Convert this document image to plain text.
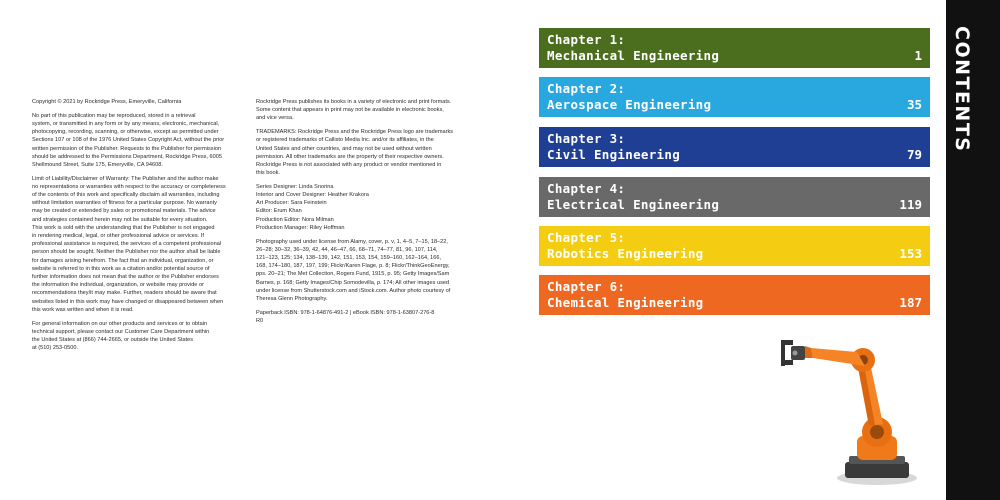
Copyright © 2021 by Rockridge Press, Emeryville, California

No part of this publication may be reproduced, stored in a retrieval
system, or transmitted in any form or by any means, electronic, mechanical,
photocopying, recording, scanning, or otherwise, except as permitted under
Sections 107 or 108 of the 1976 United States Copyright Act, without the prior
written permission of the Publisher. Requests to the Publisher for permission
should be addressed to the Permissions Department, Rockridge Press, 6005
Shellmound Street, Suite 175, Emeryville, CA 94608.

Limit of Liability/Disclaimer of Warranty: The Publisher and the author make
no representations or warranties with respect to the accuracy or completeness
of the contents of this work and specifically disclaim all warranties, including
without limitation warranties of fitness for a particular purpose. No warranty
may be created or extended by sales or promotional materials. The advice
and strategies contained herein may not be suitable for every situation.
This work is sold with the understanding that the Publisher is not engaged
in rendering medical, legal, or other professional advice or services. If
professional assistance is required, the services of a competent professional
person should be sought. Neither the Publisher nor the author shall be liable
for damages arising herefrom. The fact that an individual, organization, or
website is referred to in this work as a citation and/or potential source of
further information does not mean that the author or the Publisher endorses
the information the individual, organization, or website may provide or
recommendations they/it may make. Further, readers should be aware that
websites listed in this work may have changed or disappeared between when
this work was written and when it is read.

For general information on our other products and services or to obtain
technical support, please contact our Customer Care Department within
the United States at (866) 744-2665, or outside the United States
at (510) 253-0500.

Rockridge Press publishes its books in a variety of electronic and print formats.
Some content that appears in print may not be available in electronic books,
and vice versa.

TRADEMARKS: Rockridge Press and the Rockridge Press logo are trademarks
or registered trademarks of Callisto Media Inc. and/or its affiliates, in the
United States and other countries, and may not be used without written
permission. All other trademarks are the property of their respective owners.
Rockridge Press is not associated with any product or vendor mentioned in
this book.

Series Designer: Linda Snorina
Interior and Cover Designer: Heather Krakora
Art Producer: Sara Feinstein
Editor: Erum Khan
Production Editor: Nora Milman
Production Manager: Riley Hoffman

Photography used under license from Alamy, cover, p. v, 1, 4–5, 7–15, 18–22,
26–28; 30–32, 36–39, 42, 44, 46–47, 66, 68–71, 74–77, 81, 96, 107, 114,
121–123, 125; 134, 138–139, 142, 151, 153, 154, 159–160, 162–164, 166,
168, 174–180, 187, 197, 199; Flickr/Karen Flage, p. 8; Flickr/ThinkGeoEnergy,
pps. 20–21; The Met Collection, Rogers Fund, 1915, p. 95; Getty Images/Sam
Barnes, p. 168; Getty Images/Chip Somodevilla, p. 174; All other images used
under license from Shutterstock.com and iStock.com. Author photo courtesy of
Theresa Glenn Photography.

Paperback ISBN: 978-1-64876-491-2 | eBook ISBN: 978-1-63807-276-8
R0

Chapter 1:
Mechanical Engineering	1
Chapter 2:
Aerospace Engineering	35
Chapter 3:
Civil Engineering	79
Chapter 4:
Electrical Engineering	119
Chapter 5:
Robotics Engineering	153
Chapter 6:
Chemical Engineering	187
CONTENTS
